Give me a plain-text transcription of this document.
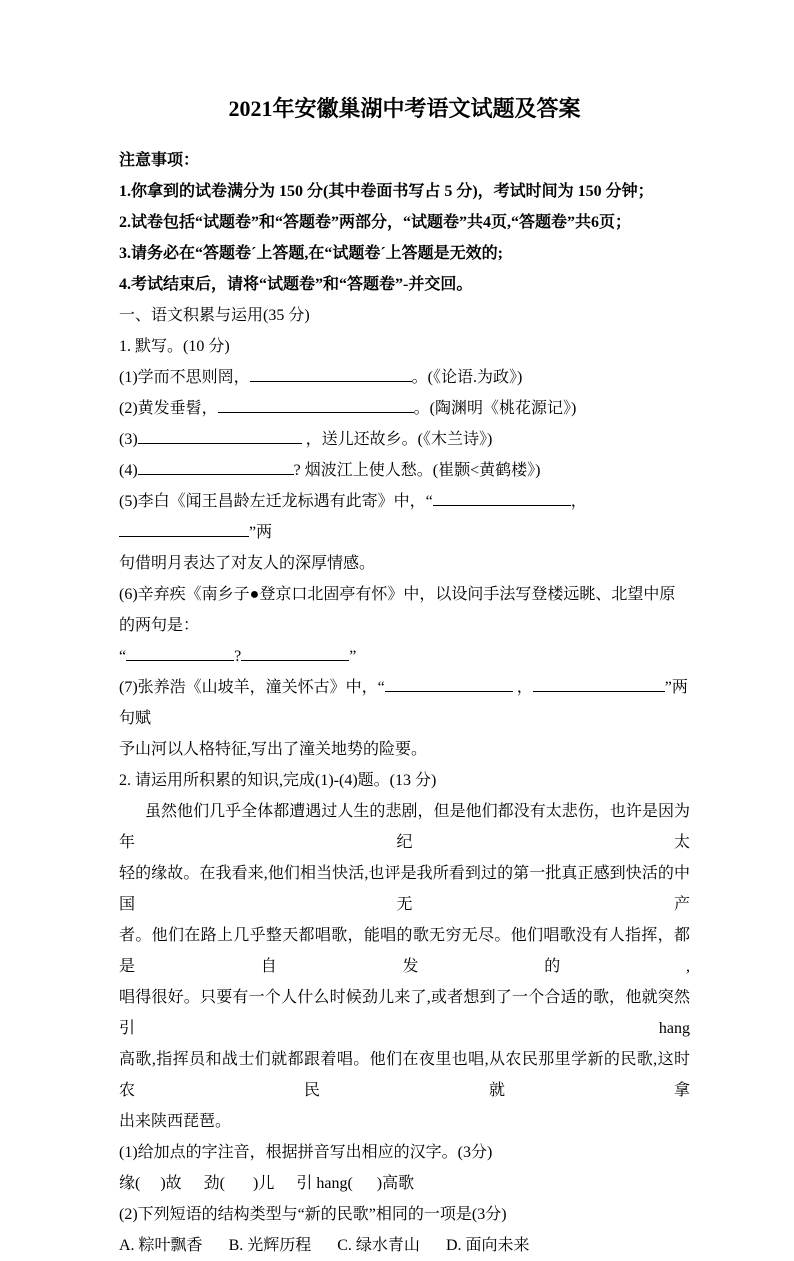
2021年安徽巢湖中考语文试题及答案

注意事项：

1.你拿到的试卷满分为 150 分(其中卷面书写占 5 分)，考试时间为 150 分钟；

2.试卷包括“试题卷”和“答题卷”两部分，“试题卷”共4页,“答题卷”共6页；

3.请务必在“答题卷´上答题,在“试题卷´上答题是无效的;

4.考试结束后，请将“试题卷”和“答题卷”-并交回。

一、语文积累与运用(35 分)

1. 默写。(10 分)

(1)学而不思则罔，	。(《论语.为政》)

(2)黄发垂髫，	。(陶渊明《桃花源记》)

(3)	，送儿还故乡。(《木兰诗》)

(4)	? 烟波江上使人愁。(崔颢<黄鹤楼》)

(5)李白《闻王昌龄左迁龙标遇有此寄》中，“	， ”两

句借明月表达了对友人的深厚情感。

(6)辛弃疾《南乡子●登京口北固亭有怀》中，以设问手法写登楼远眺、北望中原的两句是：

“	?	”

(7)张养浩《山坡羊，潼关怀古》中，“	，	”两句赋

予山河以人格特征,写出了潼关地势的险要。

2. 请运用所积累的知识,完成(1)-(4)题。(13 分)

虽然他们几乎全体都遭遇过人生的悲剧，但是他们都没有太悲伤，也许是因为年纪太

轻的缘故。在我看来,他们相当快活,也评是我所看到过的第一批真正感到快活的中国无产

者。他们在路上几乎整天都唱歌，能唱的歌无穷无尽。他们唱歌没有人指挥，都是自发的,

唱得很好。只要有一个人什么时候劲儿来了,或者想到了一个合适的歌，他就突然引 hang

高歌,指挥员和战士们就都跟着唱。他们在夜里也唱,从农民那里学新的民歌,这时农民就拿

出来陕西琵琶。

(1)给加点的字注音，根据拼音写出相应的汉字。(3分)

缘(     )故 劲(       )儿 引 hang(      )高歌

(2)下列短语的结构类型与“新的民歌”相同的一项是(3分)

A. 粽叶飘香 B. 光辉历程 C. 绿水青山 D. 面向未来
